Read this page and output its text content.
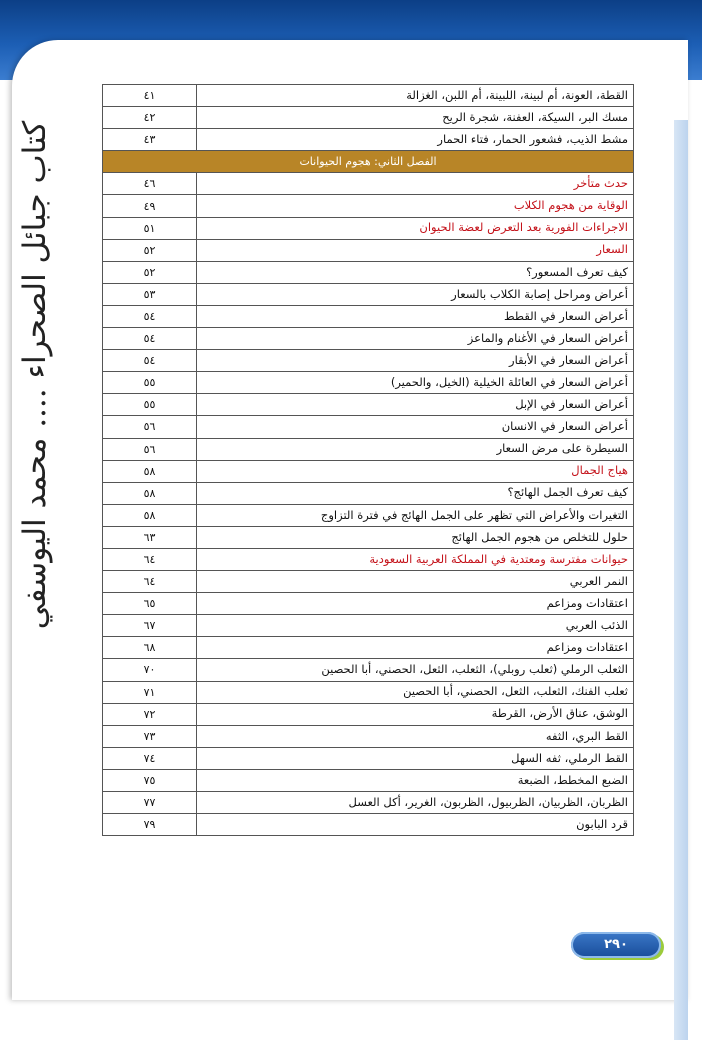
كتاب جبائل الصحراء .... محمد اليوسفي
القطة، العونة، أم لبينة، اللبينة، أم اللبن، الغزالة	٤١
مسك البر، السيكة، العفنة، شجرة الريح	٤٢
مشط الذيب، فشعور الحمار، فتاء الحمار	٤٣
الفصل الثاني: هجوم الحيوانات	
حدث متأخر	٤٦
الوقاية من هجوم الكلاب	٤٩
الاجراءات الفورية بعد التعرض لعضة الحيوان	٥١
السعار	٥٢
كيف تعرف المسعور؟	٥٢
أعراض ومراحل إصابة الكلاب بالسعار	٥٣
أعراض السعار في القطط	٥٤
أعراض السعار في الأغنام والماعز	٥٤
أعراض السعار في الأبقار	٥٤
أعراض السعار في العائلة الخيلية (الخيل، والحمير)	٥٥
أعراض السعار في الإبل	٥٥
أعراض السعار في الانسان	٥٦
السيطرة على مرض السعار	٥٦
هياج الجمال	٥٨
كيف تعرف الجمل الهائج؟	٥٨
التغيرات والأعراض التي تظهر على الجمل الهائج في فترة التزاوج	٥٨
حلول للتخلص من هجوم الجمل الهائج	٦٣
حيوانات مفترسة ومعتدية في المملكة العربية السعودية	٦٤
النمر العربي	٦٤
اعتقادات ومزاعم	٦٥
الذئب العربي	٦٧
اعتقادات ومزاعم	٦٨
الثعلب الرملي (ثعلب روبلي)، الثعلب، الثعل، الحصني، أبا الحصين	٧٠
ثعلب الفنك، الثعلب، الثعل، الحصني، أبا الحصين	٧١
الوشق، عناق الأرض، القرطة	٧٢
القط البري، الثفه	٧٣
القط الرملي، ثفه السهل	٧٤
الضبع المخطط، الضبعة	٧٥
الظربان، الظربيان، الظربيول، الظربون، الغرير، أكل العسل	٧٧
قرد البابون	٧٩
٢٩٠
